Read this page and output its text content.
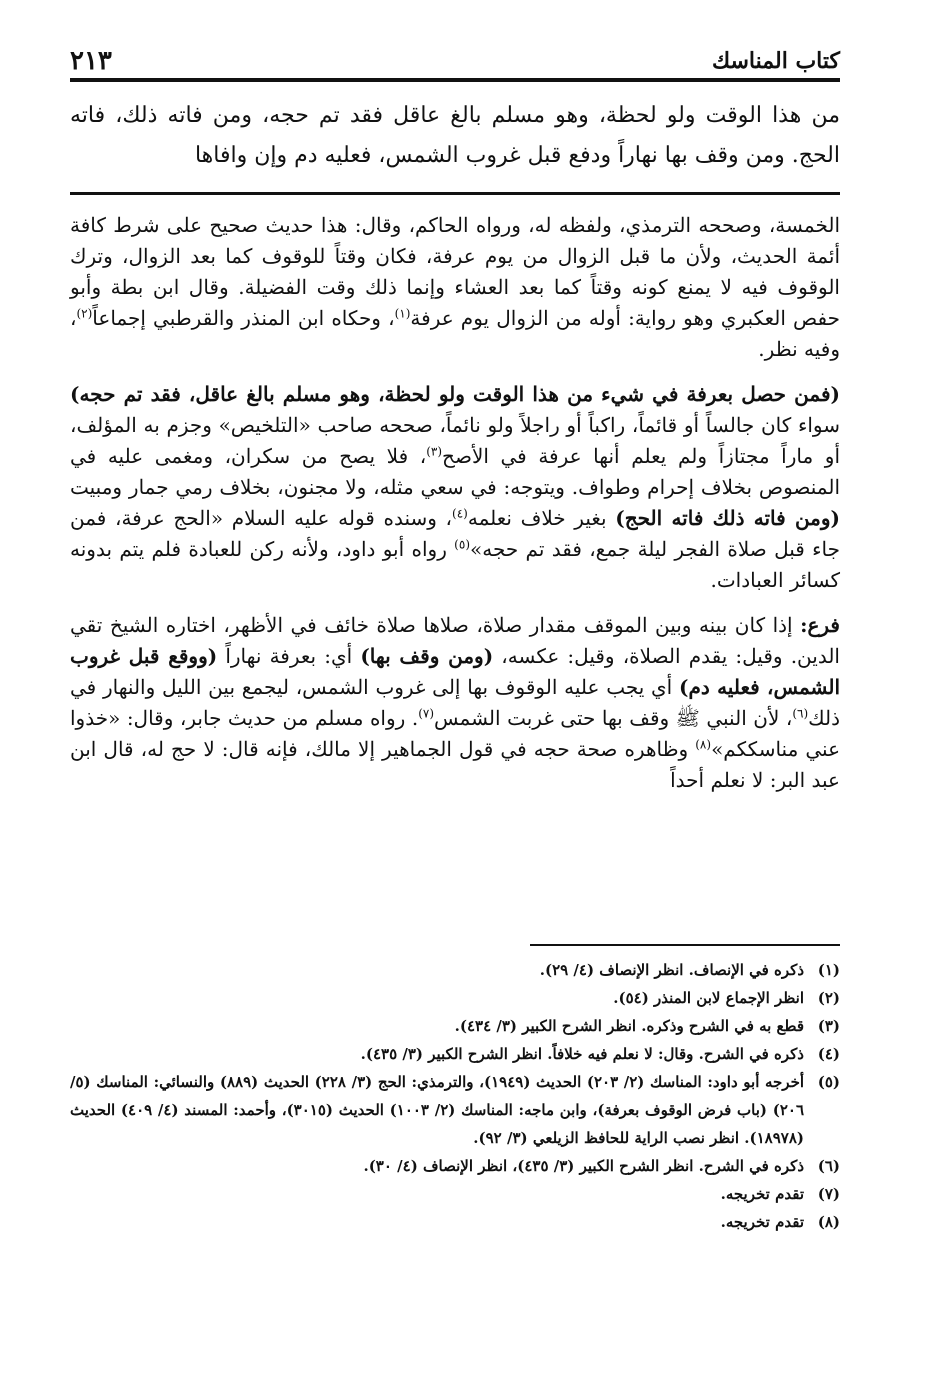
كتاب المناسك
٢١٣
من هذا الوقت ولو لحظة، وهو مسلم بالغ عاقل فقد تم حجه، ومن فاته ذلك، فاته الحج. ومن وقف بها نهاراً ودفع قبل غروب الشمس، فعليه دم وإن وافاها

الخمسة، وصححه الترمذي، ولفظه له، ورواه الحاكم، وقال: هذا حديث صحيح على شرط كافة أئمة الحديث، ولأن ما قبل الزوال من يوم عرفة، فكان وقتاً للوقوف كما بعد الزوال، وترك الوقوف فيه لا يمنع كونه وقتاً كما بعد العشاء وإنما ذلك وقت الفضيلة. وقال ابن بطة وأبو حفص العكبري وهو رواية: أوله من الزوال يوم عرفة$^{(١)}$، وحكاه ابن المنذر والقرطبي إجماعاً$^{(٢)}$، وفيه نظر.

(فمن حصل بعرفة في شيء من هذا الوقت ولو لحظة، وهو مسلم بالغ عاقل، فقد تم حجه) سواء كان جالساً أو قائماً، راكباً أو راجلاً ولو نائماً، صححه صاحب «التلخيص» وجزم به المؤلف، أو ماراً مجتازاً ولم يعلم أنها عرفة في الأصح$^{(٣)}$، فلا يصح من سكران، ومغمى عليه في المنصوص بخلاف إحرام وطواف. ويتوجه: في سعي مثله، ولا مجنون، بخلاف رمي جمار ومبيت (ومن فاته ذلك فاته الحج) بغير خلاف نعلمه$^{(٤)}$، وسنده قوله عليه السلام «الحج عرفة، فمن جاء قبل صلاة الفجر ليلة جمع، فقد تم حجه»$^{(٥)}$ رواه أبو داود، ولأنه ركن للعبادة فلم يتم بدونه كسائر العبادات.

فرع: إذا كان بينه وبين الموقف مقدار صلاة، صلاها صلاة خائف في الأظهر، اختاره الشيخ تقي الدين. وقيل: يقدم الصلاة، وقيل: عكسه، (ومن وقف بها) أي: بعرفة نهاراً (ووقع قبل غروب الشمس، فعليه دم) أي يجب عليه الوقوف بها إلى غروب الشمس، ليجمع بين الليل والنهار في ذلك$^{(٦)}$، لأن النبي ﷺ وقف بها حتى غربت الشمس$^{(٧)}$. رواه مسلم من حديث جابر، وقال: «خذوا عني مناسككم»$^{(٨)}$ وظاهره صحة حجه في قول الجماهير إلا مالك، فإنه قال: لا حج له، قال ابن عبد البر: لا نعلم أحداً

(١)
ذكره في الإنصاف. انظر الإنصاف (٤/ ٢٩).
(٢)
انظر الإجماع لابن المنذر (٥٤).
(٣)
قطع به في الشرح وذكره. انظر الشرح الكبير (٣/ ٤٣٤).
(٤)
ذكره في الشرح. وقال: لا نعلم فيه خلافاً. انظر الشرح الكبير (٣/ ٤٣٥).
(٥)
أخرجه أبو داود: المناسك (٢/ ٢٠٣) الحديث (١٩٤٩)، والترمذي: الحج (٣/ ٢٢٨) الحديث (٨٨٩) والنسائي: المناسك (٥/ ٢٠٦) (باب فرض الوقوف بعرفة)، وابن ماجه: المناسك (٢/ ١٠٠٣) الحديث (٣٠١٥)، وأحمد: المسند (٤/ ٤٠٩) الحديث (١٨٩٧٨). انظر نصب الراية للحافظ الزيلعي (٣/ ٩٢).
(٦)
ذكره في الشرح. انظر الشرح الكبير (٣/ ٤٣٥)، انظر الإنصاف (٤/ ٣٠).
(٧)
تقدم تخريجه.
(٨)
تقدم تخريجه.
